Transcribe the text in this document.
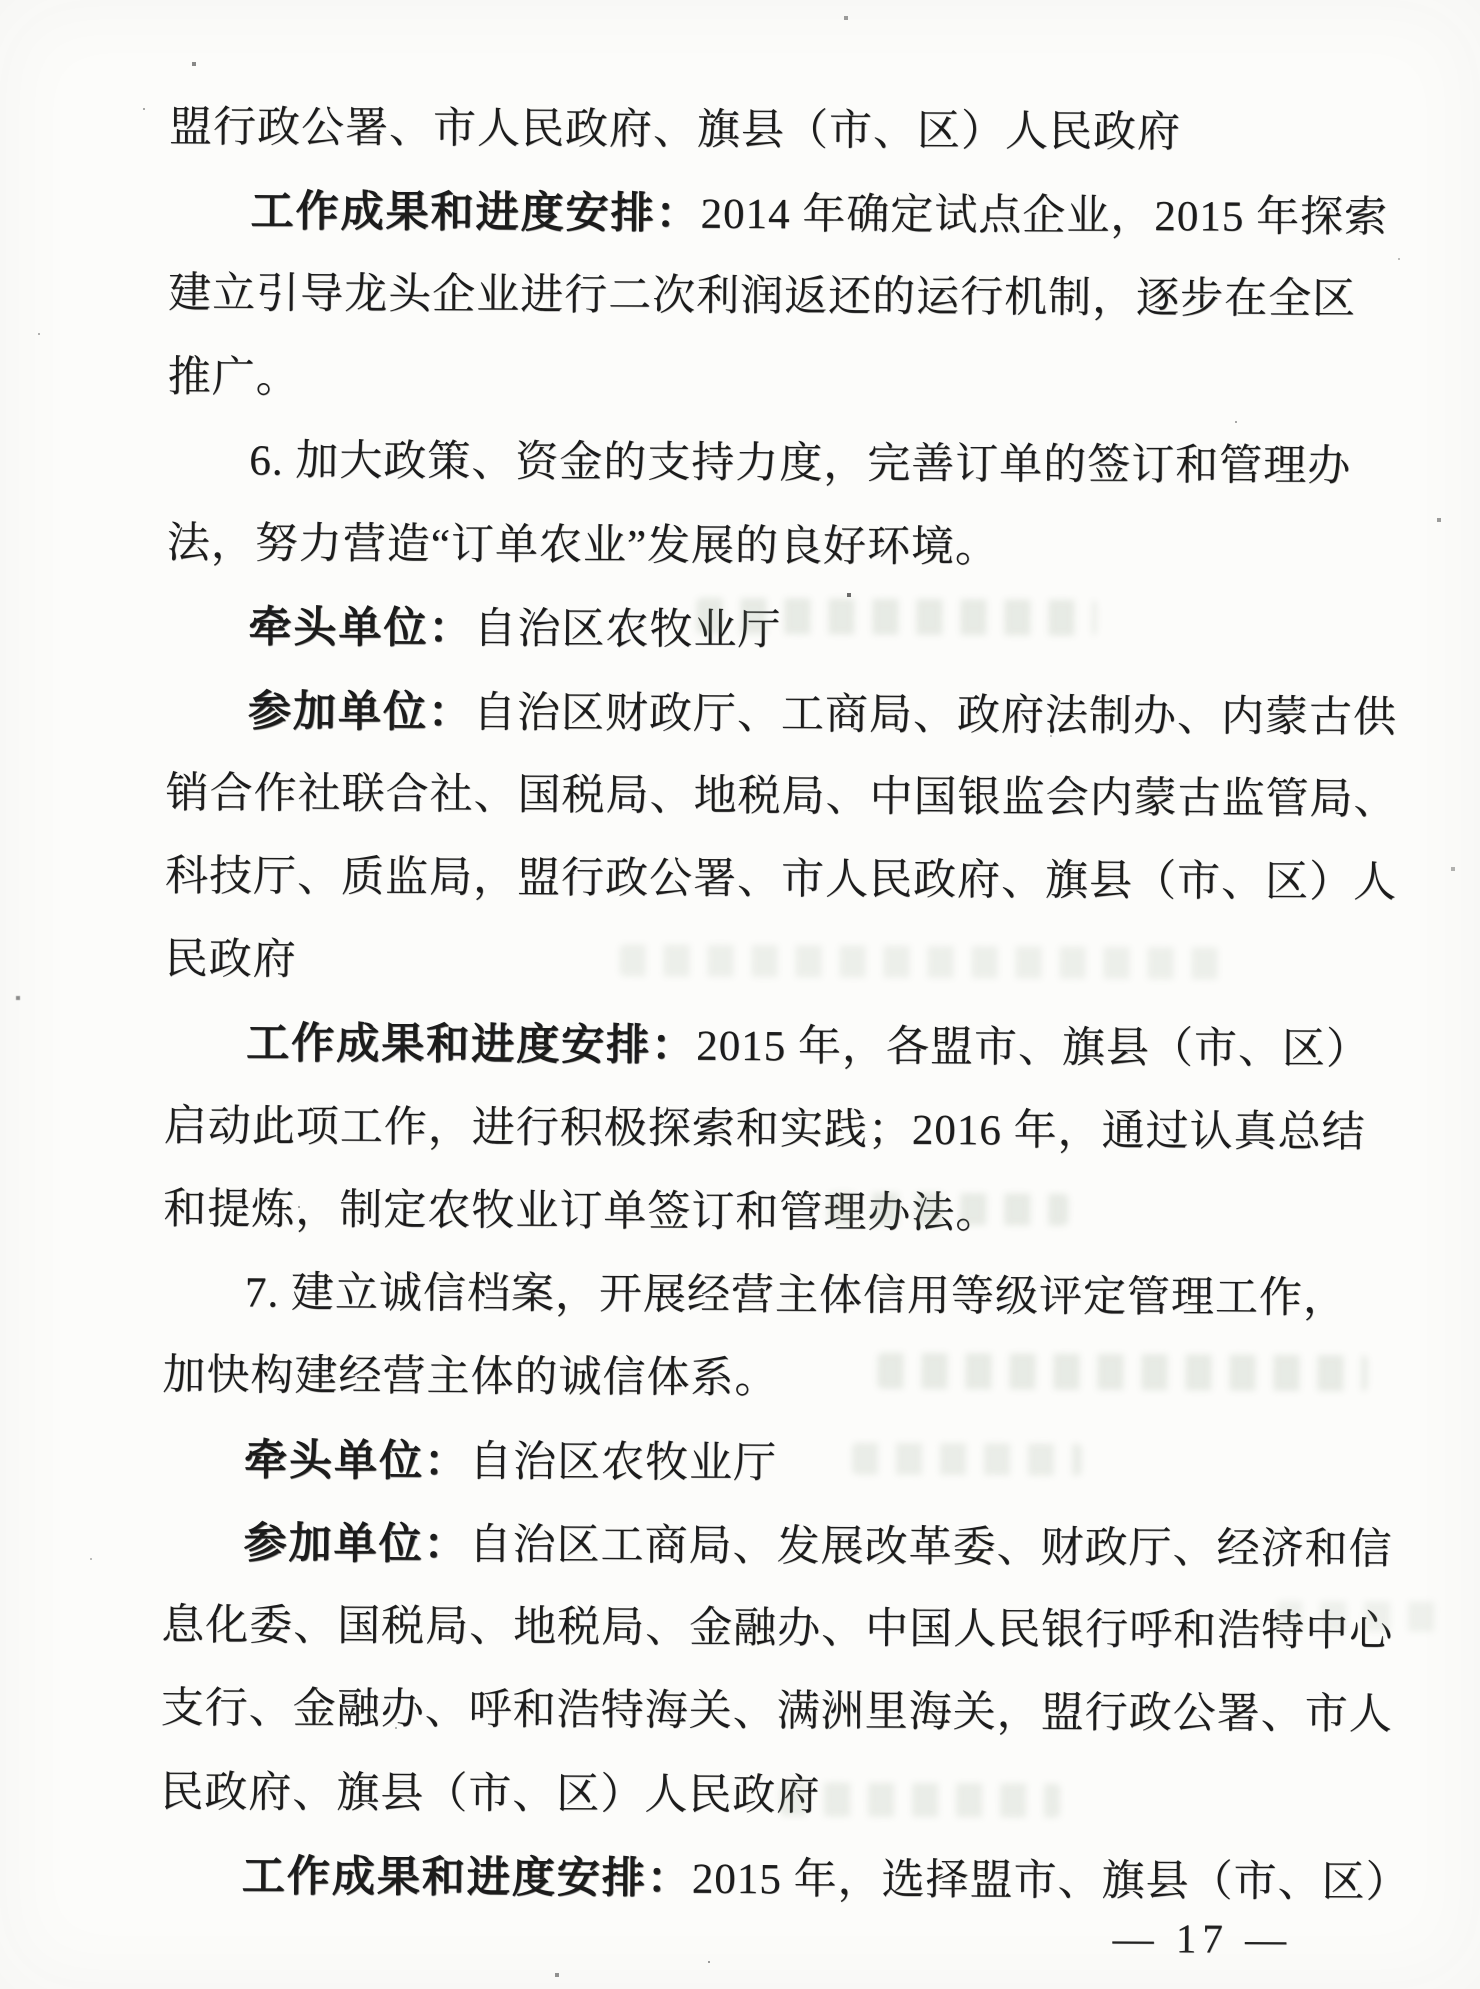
盟行政公署、市人民政府、旗县（市、区）人民政府
工作成果和进度安排：2014 年确定试点企业，2015 年探索
建立引导龙头企业进行二次利润返还的运行机制，逐步在全区
推广。
6. 加大政策、资金的支持力度，完善订单的签订和管理办
法，努力营造“订单农业”发展的良好环境。
牵头单位：自治区农牧业厅
参加单位：自治区财政厅、工商局、政府法制办、内蒙古供
销合作社联合社、国税局、地税局、中国银监会内蒙古监管局、
科技厅、质监局，盟行政公署、市人民政府、旗县（市、区）人
民政府
工作成果和进度安排：2015 年，各盟市、旗县（市、区）
启动此项工作，进行积极探索和实践；2016 年，通过认真总结
和提炼，制定农牧业订单签订和管理办法。
7. 建立诚信档案，开展经营主体信用等级评定管理工作，
加快构建经营主体的诚信体系。
牵头单位：自治区农牧业厅
参加单位：自治区工商局、发展改革委、财政厅、经济和信
息化委、国税局、地税局、金融办、中国人民银行呼和浩特中心
支行、金融办、呼和浩特海关、满洲里海关，盟行政公署、市人
民政府、旗县（市、区）人民政府
工作成果和进度安排：2015 年，选择盟市、旗县（市、区）
— 17 —
